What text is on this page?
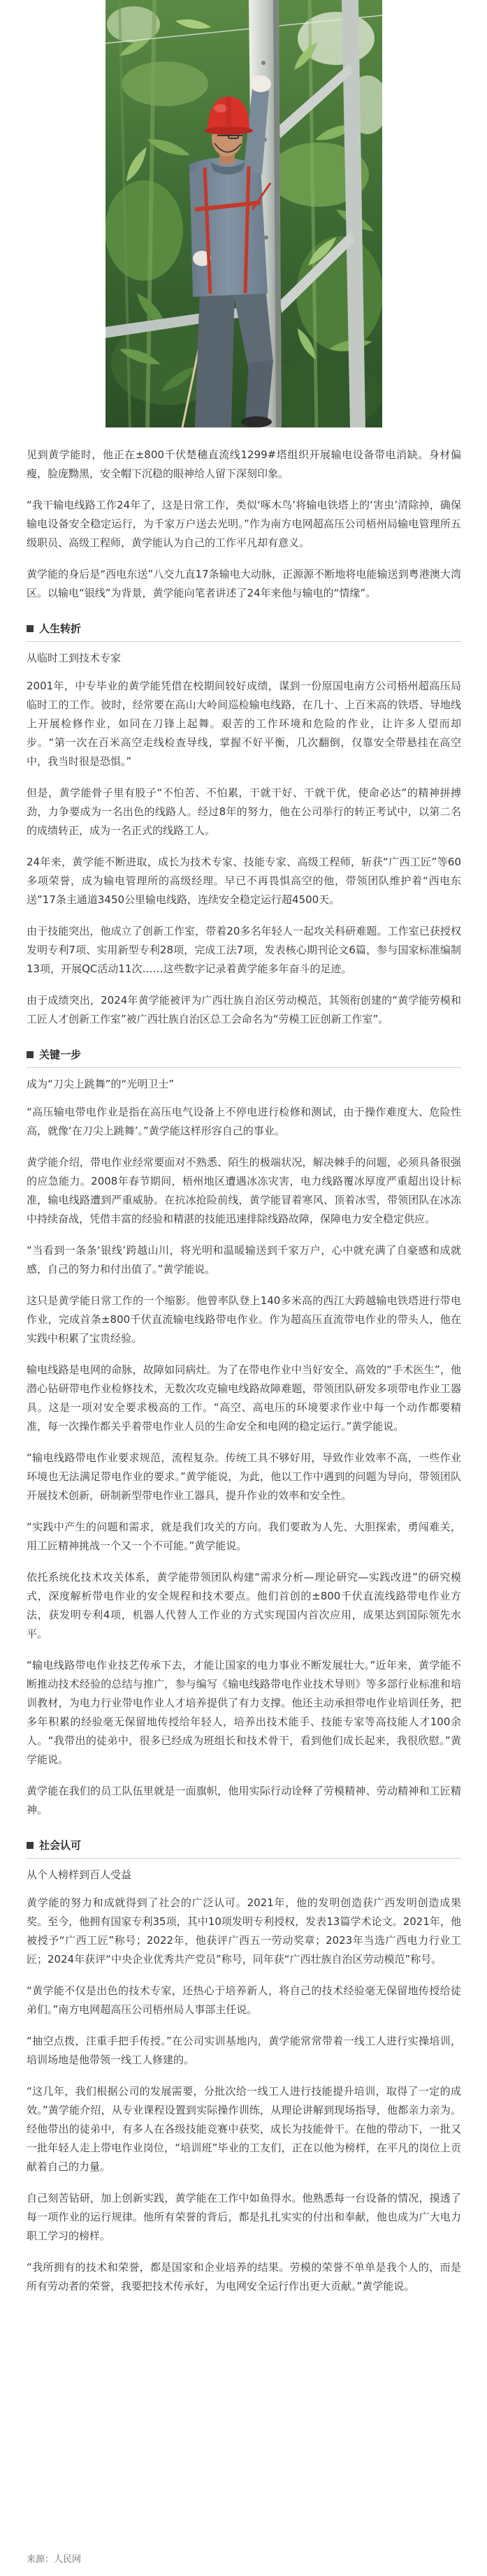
见到黄学能时，他正在±800千伏楚穗直流线1299#塔组织开展输电设备带电消缺。身材偏瘦，脸庞黝黑，安全帽下沉稳的眼神给人留下深刻印象。

“我干输电线路工作24年了，这是日常工作，类似‘啄木鸟’将输电铁塔上的‘害虫’清除掉，确保输电设备安全稳定运行，为千家万户送去光明。”作为南方电网超高压公司梧州局输电管理所五级职员、高级工程师，黄学能认为自己的工作平凡却有意义。

黄学能的身后是“西电东送”八交九直17条输电大动脉，正源源不断地将电能输送到粤港澳大湾区。以输电“银线”为背景，黄学能向笔者讲述了24年来他与输电的“情缘”。

人生转折
从临时工到技术专家

2001年，中专毕业的黄学能凭借在校期间较好成绩，谋到一份原国电南方公司梧州超高压局临时工的工作。彼时，经常要在高山大岭间巡检输电线路，在几十、上百米高的铁塔、导地线上开展检修作业，如同在刀锋上起舞。艰苦的工作环境和危险的作业，让许多人望而却步。“第一次在百米高空走线检查导线，掌握不好平衡，几次翻倒，仅靠安全带悬挂在高空中，我当时很是恐惧。”

但是，黄学能骨子里有股子“不怕苦、不怕累，干就干好、干就干优，使命必达”的精神拼搏劲，力争要成为一名出色的线路人。经过8年的努力，他在公司举行的转正考试中，以第二名的成绩转正，成为一名正式的线路工人。

24年来，黄学能不断进取，成长为技术专家、技能专家、高级工程师，斩获“广西工匠”等60多项荣誉，成为输电管理所的高级经理。早已不再畏惧高空的他，带领团队维护着“西电东送”17条主通道3450公里输电线路，连续安全稳定运行超4500天。

由于技能突出，他成立了创新工作室，带着20多名年轻人一起攻关科研难题。工作室已获授权发明专利7项、实用新型专利28项，完成工法7项，发表核心期刊论文6篇，参与国家标准编制13项，开展QC活动11次……这些数字记录着黄学能多年奋斗的足迹。

由于成绩突出，2024年黄学能被评为广西壮族自治区劳动模范，其领衔创建的“黄学能劳模和工匠人才创新工作室”被广西壮族自治区总工会命名为“劳模工匠创新工作室”。

关键一步
成为“刀尖上跳舞”的“光明卫士”

“高压输电带电作业是指在高压电气设备上不停电进行检修和测试，由于操作难度大、危险性高，就像‘在刀尖上跳舞’。”黄学能这样形容自己的事业。

黄学能介绍，带电作业经常要面对不熟悉、陌生的极端状况，解决棘手的问题，必须具备很强的应急能力。2008年春节期间，梧州地区遭遇冰冻灾害，电力线路覆冰厚度严重超出设计标准，输电线路遭到严重威胁。在抗冰抢险前线，黄学能冒着寒风、顶着冰雪，带领团队在冰冻中持续奋战，凭借丰富的经验和精湛的技能迅速排除线路故障，保障电力安全稳定供应。

“当看到一条条‘银线’跨越山川，将光明和温暖输送到千家万户，心中就充满了自豪感和成就感，自己的努力和付出值了。”黄学能说。

这只是黄学能日常工作的一个缩影。他曾率队登上140多米高的西江大跨越输电铁塔进行带电作业，完成首条±800千伏直流输电线路带电作业。作为超高压直流带电作业的带头人，他在实践中积累了宝贵经验。

输电线路是电网的命脉，故障如同病灶。为了在带电作业中当好安全、高效的“手术医生”，他潜心钻研带电作业检修技术，无数次攻克输电线路故障难题，带领团队研发多项带电作业工器具。这是一项对安全要求极高的工作。“高空、高电压的环境要求作业中每一个动作都要精准，每一次操作都关乎着带电作业人员的生命安全和电网的稳定运行。”黄学能说。

“输电线路带电作业要求规范，流程复杂。传统工具不够好用，导致作业效率不高，一些作业环境也无法满足带电作业的要求。”黄学能说，为此，他以工作中遇到的问题为导向，带领团队开展技术创新，研制新型带电作业工器具，提升作业的效率和安全性。

“实践中产生的问题和需求，就是我们攻关的方向。我们要敢为人先、大胆探索，勇闯难关，用工匠精神挑战一个又一个不可能。”黄学能说。

依托系统化技术攻关体系，黄学能带领团队构建“需求分析—理论研究—实践改进”的研究模式，深度解析带电作业的安全规程和技术要点。他们首创的±800千伏直流线路带电作业方法，获发明专利4项，机器人代替人工作业的方式实现国内首次应用，成果达到国际领先水平。

“输电线路带电作业技艺传承下去，才能让国家的电力事业不断发展壮大。”近年来，黄学能不断推动技术经验的总结与推广，参与编写《输电线路带电作业技术导则》等多部行业标准和培训教材，为电力行业带电作业人才培养提供了有力支撑。他还主动承担带电作业培训任务，把多年积累的经验毫无保留地传授给年轻人，培养出技术能手、技能专家等高技能人才100余人。“我带出的徒弟中，很多已经成为班组长和技术骨干，看到他们成长起来，我很欣慰。”黄学能说。

黄学能在我们的员工队伍里就是一面旗帜，他用实际行动诠释了劳模精神、劳动精神和工匠精神。

社会认可
从个人榜样到百人受益

黄学能的努力和成就得到了社会的广泛认可。2021年，他的发明创造获广西发明创造成果奖。至今，他拥有国家专利35项，其中10项发明专利授权，发表13篇学术论文。2021年，他被授予“广西工匠”称号；2022年，他获评广西五一劳动奖章；2023年当选广西电力行业工匠；2024年获评“中央企业优秀共产党员”称号，同年获“广西壮族自治区劳动模范”称号。

“黄学能不仅是出色的技术专家，还热心于培养新人，将自己的技术经验毫无保留地传授给徒弟们。”南方电网超高压公司梧州局人事部主任说。

“抽空点拨，注重手把手传授。”在公司实训基地内，黄学能常常带着一线工人进行实操培训，培训场地是他带领一线工人修建的。

“这几年，我们根据公司的发展需要，分批次给一线工人进行技能提升培训，取得了一定的成效。”黄学能介绍，从专业课程设置到实际操作训练，从理论讲解到现场指导，他都亲力亲为。经他带出的徒弟中，有多人在各级技能竞赛中获奖，成长为技能骨干。在他的带动下，一批又一批年轻人走上带电作业岗位，“培训班”毕业的工友们，正在以他为榜样，在平凡的岗位上贡献着自己的力量。

自己刻苦钻研，加上创新实践，黄学能在工作中如鱼得水。他熟悉每一台设备的情况，摸透了每一项作业的运行规律。他所有荣誉的背后，都是扎扎实实的付出和奉献，他也成为广大电力职工学习的榜样。

“我所拥有的技术和荣誉，都是国家和企业培养的结果。劳模的荣誉不单单是我个人的，而是所有劳动者的荣誉，我要把技术传承好，为电网安全运行作出更大贡献。”黄学能说。

来源：人民网
